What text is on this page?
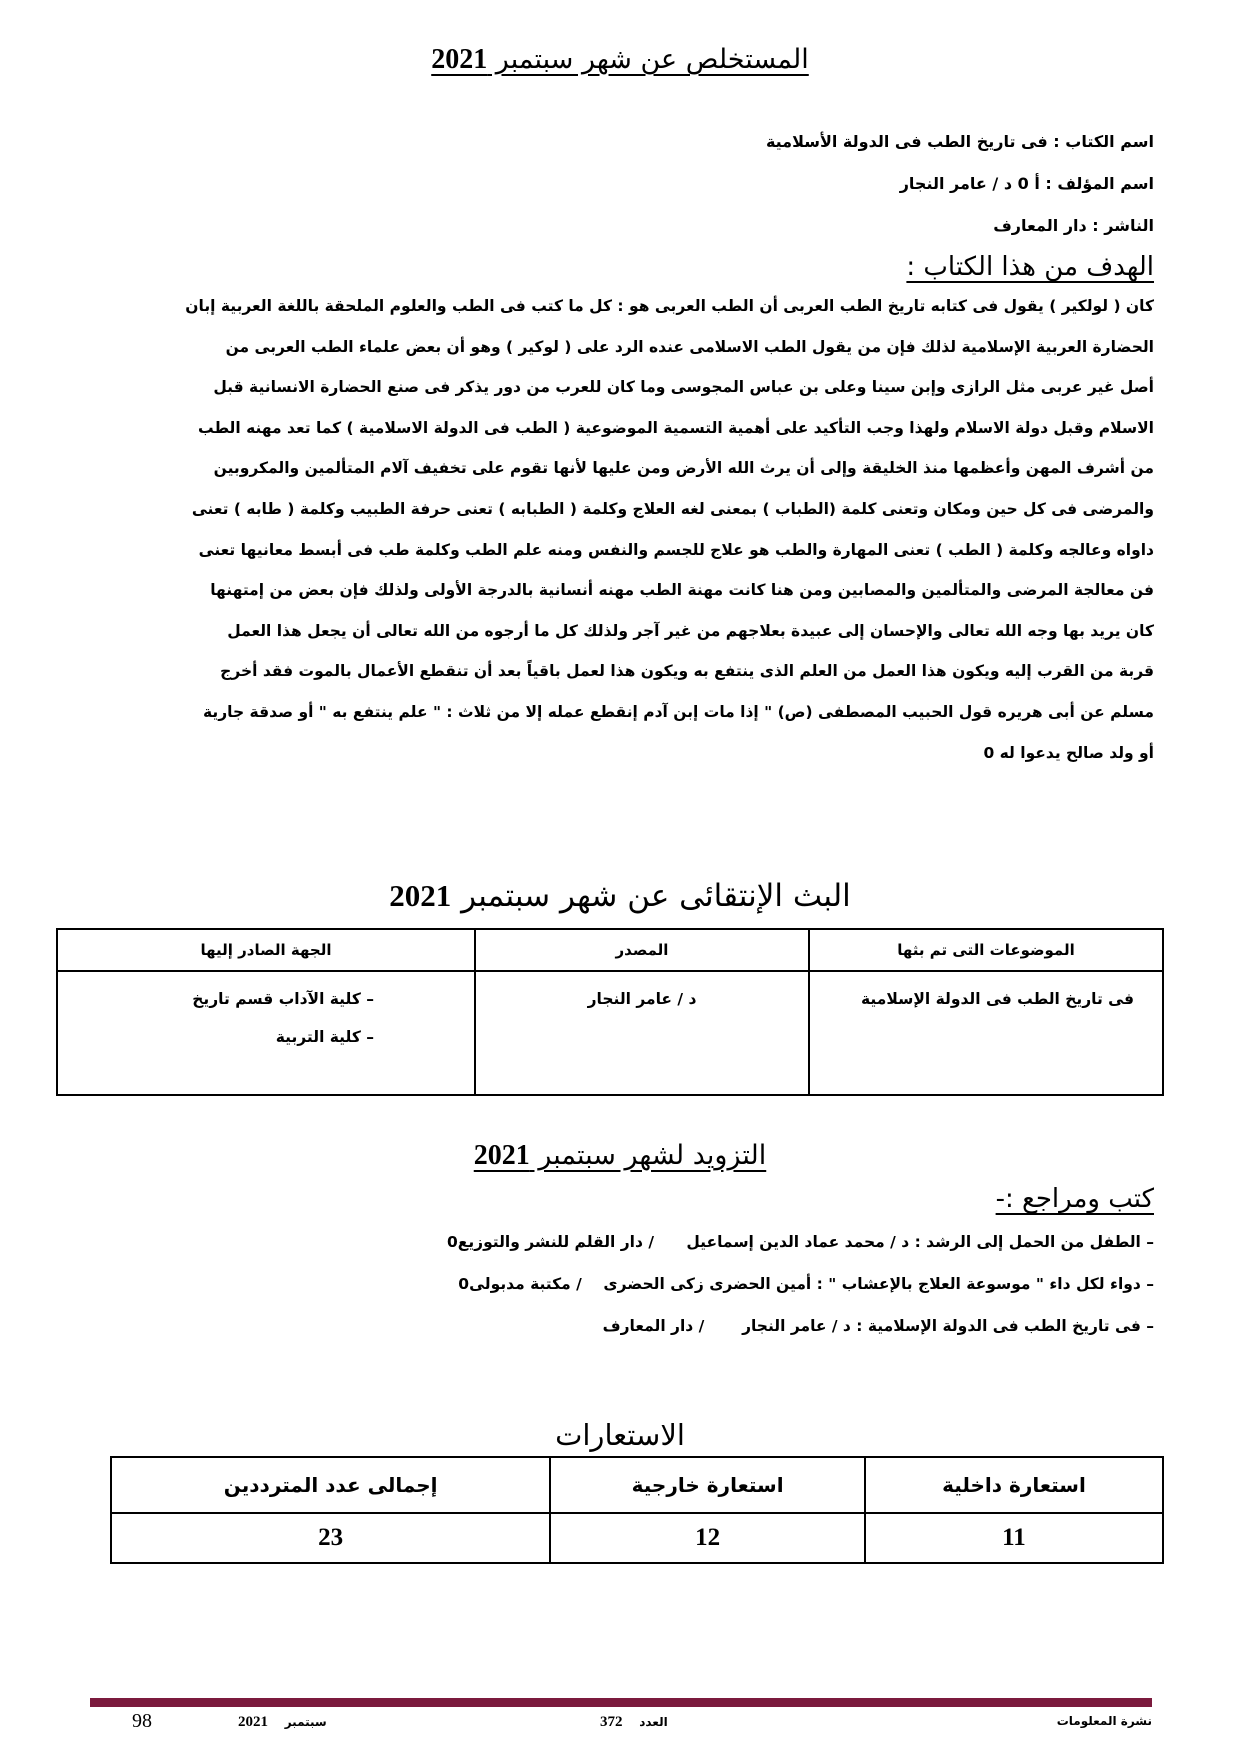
المستخلص عن شهر سبتمبر 2021
اسم الكتاب : فى تاريخ الطب فى الدولة الأسلامية
اسم المؤلف : أ 0 د / عامر النجار
الناشر : دار المعارف
الهدف من هذا الكتاب :
كان ( لولكير ) يقول فى كتابه تاريخ الطب العربى أن الطب العربى هو : كل ما كتب فى الطب والعلوم الملحقة باللغة العربية إبان
الحضارة العربية الإسلامية لذلك فإن من يقول الطب الاسلامى عنده الرد على ( لوكير ) وهو أن بعض علماء الطب العربى من
أصل غير عربى مثل الرازى وإبن سينا وعلى بن عباس المجوسى وما كان للعرب من دور يذكر فى صنع الحضارة الانسانية قبل
الاسلام وقبل دولة الاسلام ولهذا وجب التأكيد على أهمية التسمية الموضوعية ( الطب فى الدولة الاسلامية ) كما تعد مهنه الطب
من أشرف المهن وأعظمها منذ الخليقة وإلى أن يرث الله الأرض ومن عليها لأنها تقوم على تخفيف آلام المتألمين والمكروبين
والمرضى فى كل حين ومكان وتعنى كلمة (الطباب ) بمعنى لغه العلاج وكلمة ( الطبابه ) تعنى حرفة الطبيب وكلمة ( طابه ) تعنى
داواه وعالجه وكلمة ( الطب ) تعنى المهارة والطب هو علاج للجسم والنفس ومنه علم الطب وكلمة طب فى أبسط معانيها تعنى
فن معالجة المرضى والمتألمين والمصابين ومن هنا كانت مهنة الطب مهنه أنسانية بالدرجة الأولى ولذلك فإن بعض من إمتهنها
كان يريد بها وجه الله تعالى والإحسان إلى عبيدة بعلاجهم من غير آجر ولذلك كل ما أرجوه من الله تعالى أن يجعل هذا العمل
قربة من القرب إليه ويكون هذا العمل من العلم الذى ينتفع به ويكون هذا لعمل باقياً بعد أن تنقطع الأعمال بالموت فقد أخرج
مسلم عن أبى هريره قول الحبيب المصطفى (ص) " إذا مات إبن آدم إنقطع عمله إلا من ثلاث : " علم ينتفع به " أو صدقة جارية
أو ولد صالح يدعوا له 0
البث الإنتقائى عن شهر سبتمبر 2021
الموضوعات التى تم بثها	المصدر	الجهة الصادر إليها

فى تاريخ الطب فى الدولة الإسلامية	د / عامر النجار	– كلية الآداب قسم تاريخ
– كلية التربية
التزويد لشهر سبتمبر 2021
كتب ومراجع :-
– الطفل من الحمل إلى الرشد : د / محمد عماد الدين إسماعيل      / دار القلم للنشر والتوزيع0
– دواء لكل داء " موسوعة العلاج بالإعشاب " : أمين الحضرى زكى الحضرى    / مكتبة مدبولى0
– فى تاريخ الطب فى الدولة الإسلامية : د / عامر النجار       / دار المعارف
الاستعارات
استعارة داخلية	استعارة خارجية	إجمالى عدد المترددين
11	12	23
نشرة المعلومات
العدد    372
سبتمبر    2021
98
